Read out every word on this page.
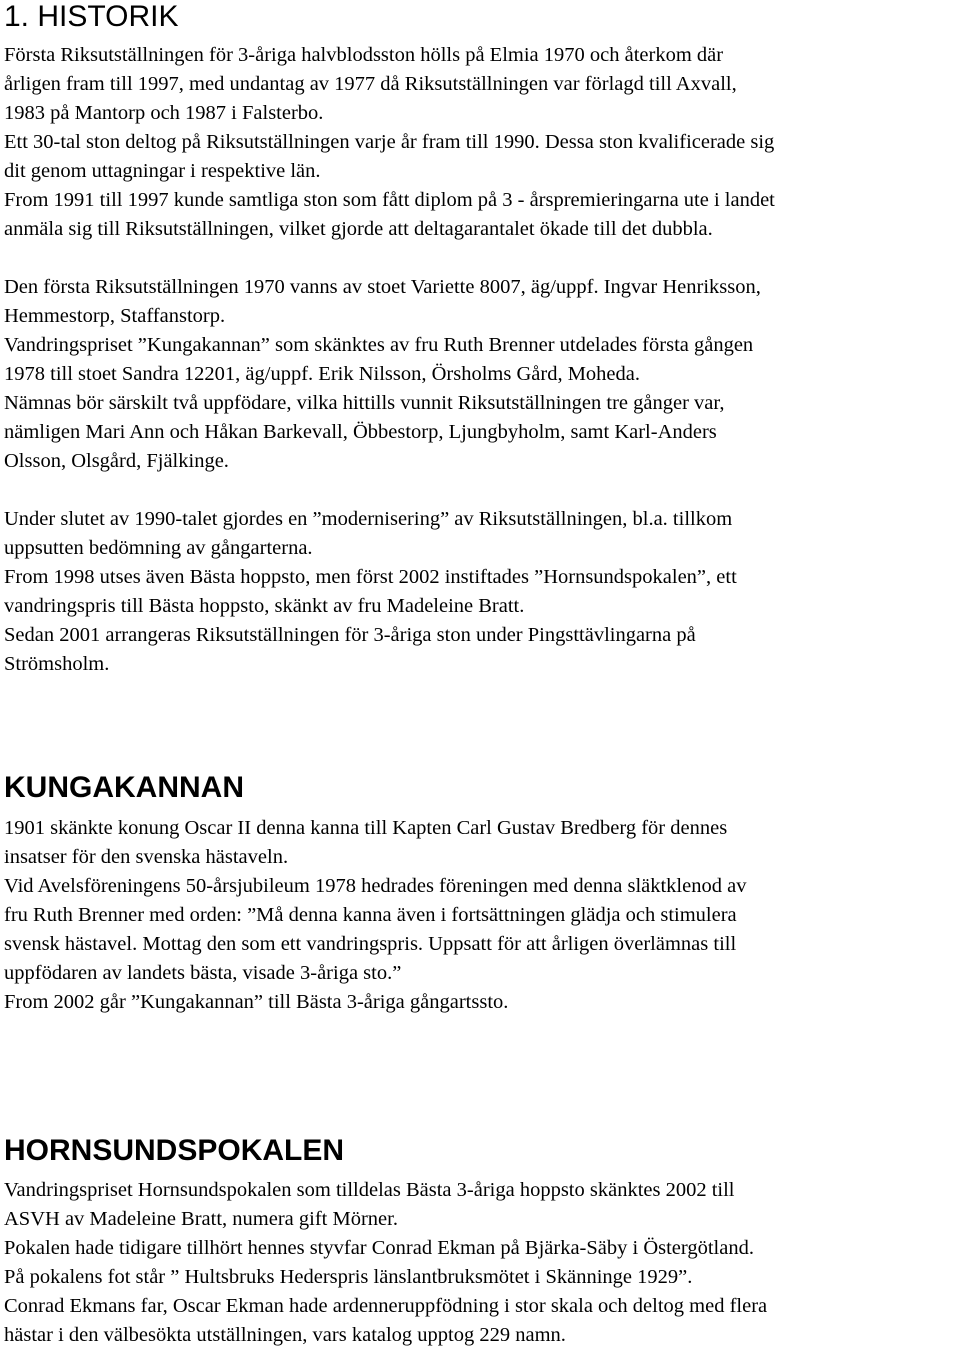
1. HISTORIK
Första Riksutställningen för 3-åriga halvblodsston hölls på Elmia 1970 och återkom där
årligen fram till 1997, med undantag av 1977 då Riksutställningen var förlagd till Axvall,
1983 på Mantorp och 1987 i Falsterbo.
Ett 30-tal ston deltog på Riksutställningen varje år fram till 1990. Dessa ston kvalificerade sig
dit genom uttagningar i respektive län.
From 1991 till 1997 kunde samtliga ston som fått diplom på 3 - årspremieringarna ute i landet
anmäla sig till Riksutställningen, vilket gjorde att deltagarantalet ökade till det dubbla.
Den första Riksutställningen 1970 vanns av stoet Variette 8007, äg/uppf. Ingvar Henriksson,
Hemmestorp, Staffanstorp.
Vandringspriset ”Kungakannan” som skänktes av fru Ruth Brenner utdelades första gången
1978 till stoet Sandra 12201, äg/uppf. Erik Nilsson, Örsholms Gård, Moheda.
Nämnas bör särskilt två uppfödare, vilka hittills vunnit Riksutställningen tre gånger var,
nämligen Mari Ann och Håkan Barkevall, Öbbestorp, Ljungbyholm, samt Karl-Anders
Olsson, Olsgård, Fjälkinge.
Under slutet av 1990-talet gjordes en ”modernisering” av Riksutställningen, bl.a. tillkom
uppsutten bedömning av gångarterna.
From 1998 utses även Bästa hoppsto, men först 2002 instiftades ”Hornsundspokalen”, ett
vandringspris till Bästa hoppsto, skänkt av fru Madeleine Bratt.
Sedan 2001 arrangeras Riksutställningen för 3-åriga ston under Pingsttävlingarna på
Strömsholm.
KUNGAKANNAN
1901 skänkte konung Oscar II denna kanna till Kapten Carl Gustav Bredberg för dennes
insatser för den svenska hästaveln.
Vid Avelsföreningens 50-årsjubileum 1978 hedrades föreningen med denna släktklenod av
fru Ruth Brenner med orden: ”Må denna kanna även i fortsättningen glädja och stimulera
svensk hästavel. Mottag den som ett vandringspris. Uppsatt för att årligen överlämnas till
uppfödaren av landets bästa, visade 3-åriga sto.”
From 2002 går ”Kungakannan” till Bästa 3-åriga gångartssto.
HORNSUNDSPOKALEN
Vandringspriset Hornsundspokalen som tilldelas Bästa 3-åriga hoppsto skänktes 2002 till
ASVH av Madeleine Bratt, numera gift Mörner.
Pokalen hade tidigare tillhört hennes styvfar Conrad Ekman på Bjärka-Säby i Östergötland.
På pokalens fot står ” Hultsbruks Hederspris länslantbruksmötet i Skänninge 1929”.
Conrad Ekmans far, Oscar Ekman hade ardenneruppfödning i stor skala och deltog med flera
hästar i den välbesökta utställningen, vars katalog upptog 229 namn.
